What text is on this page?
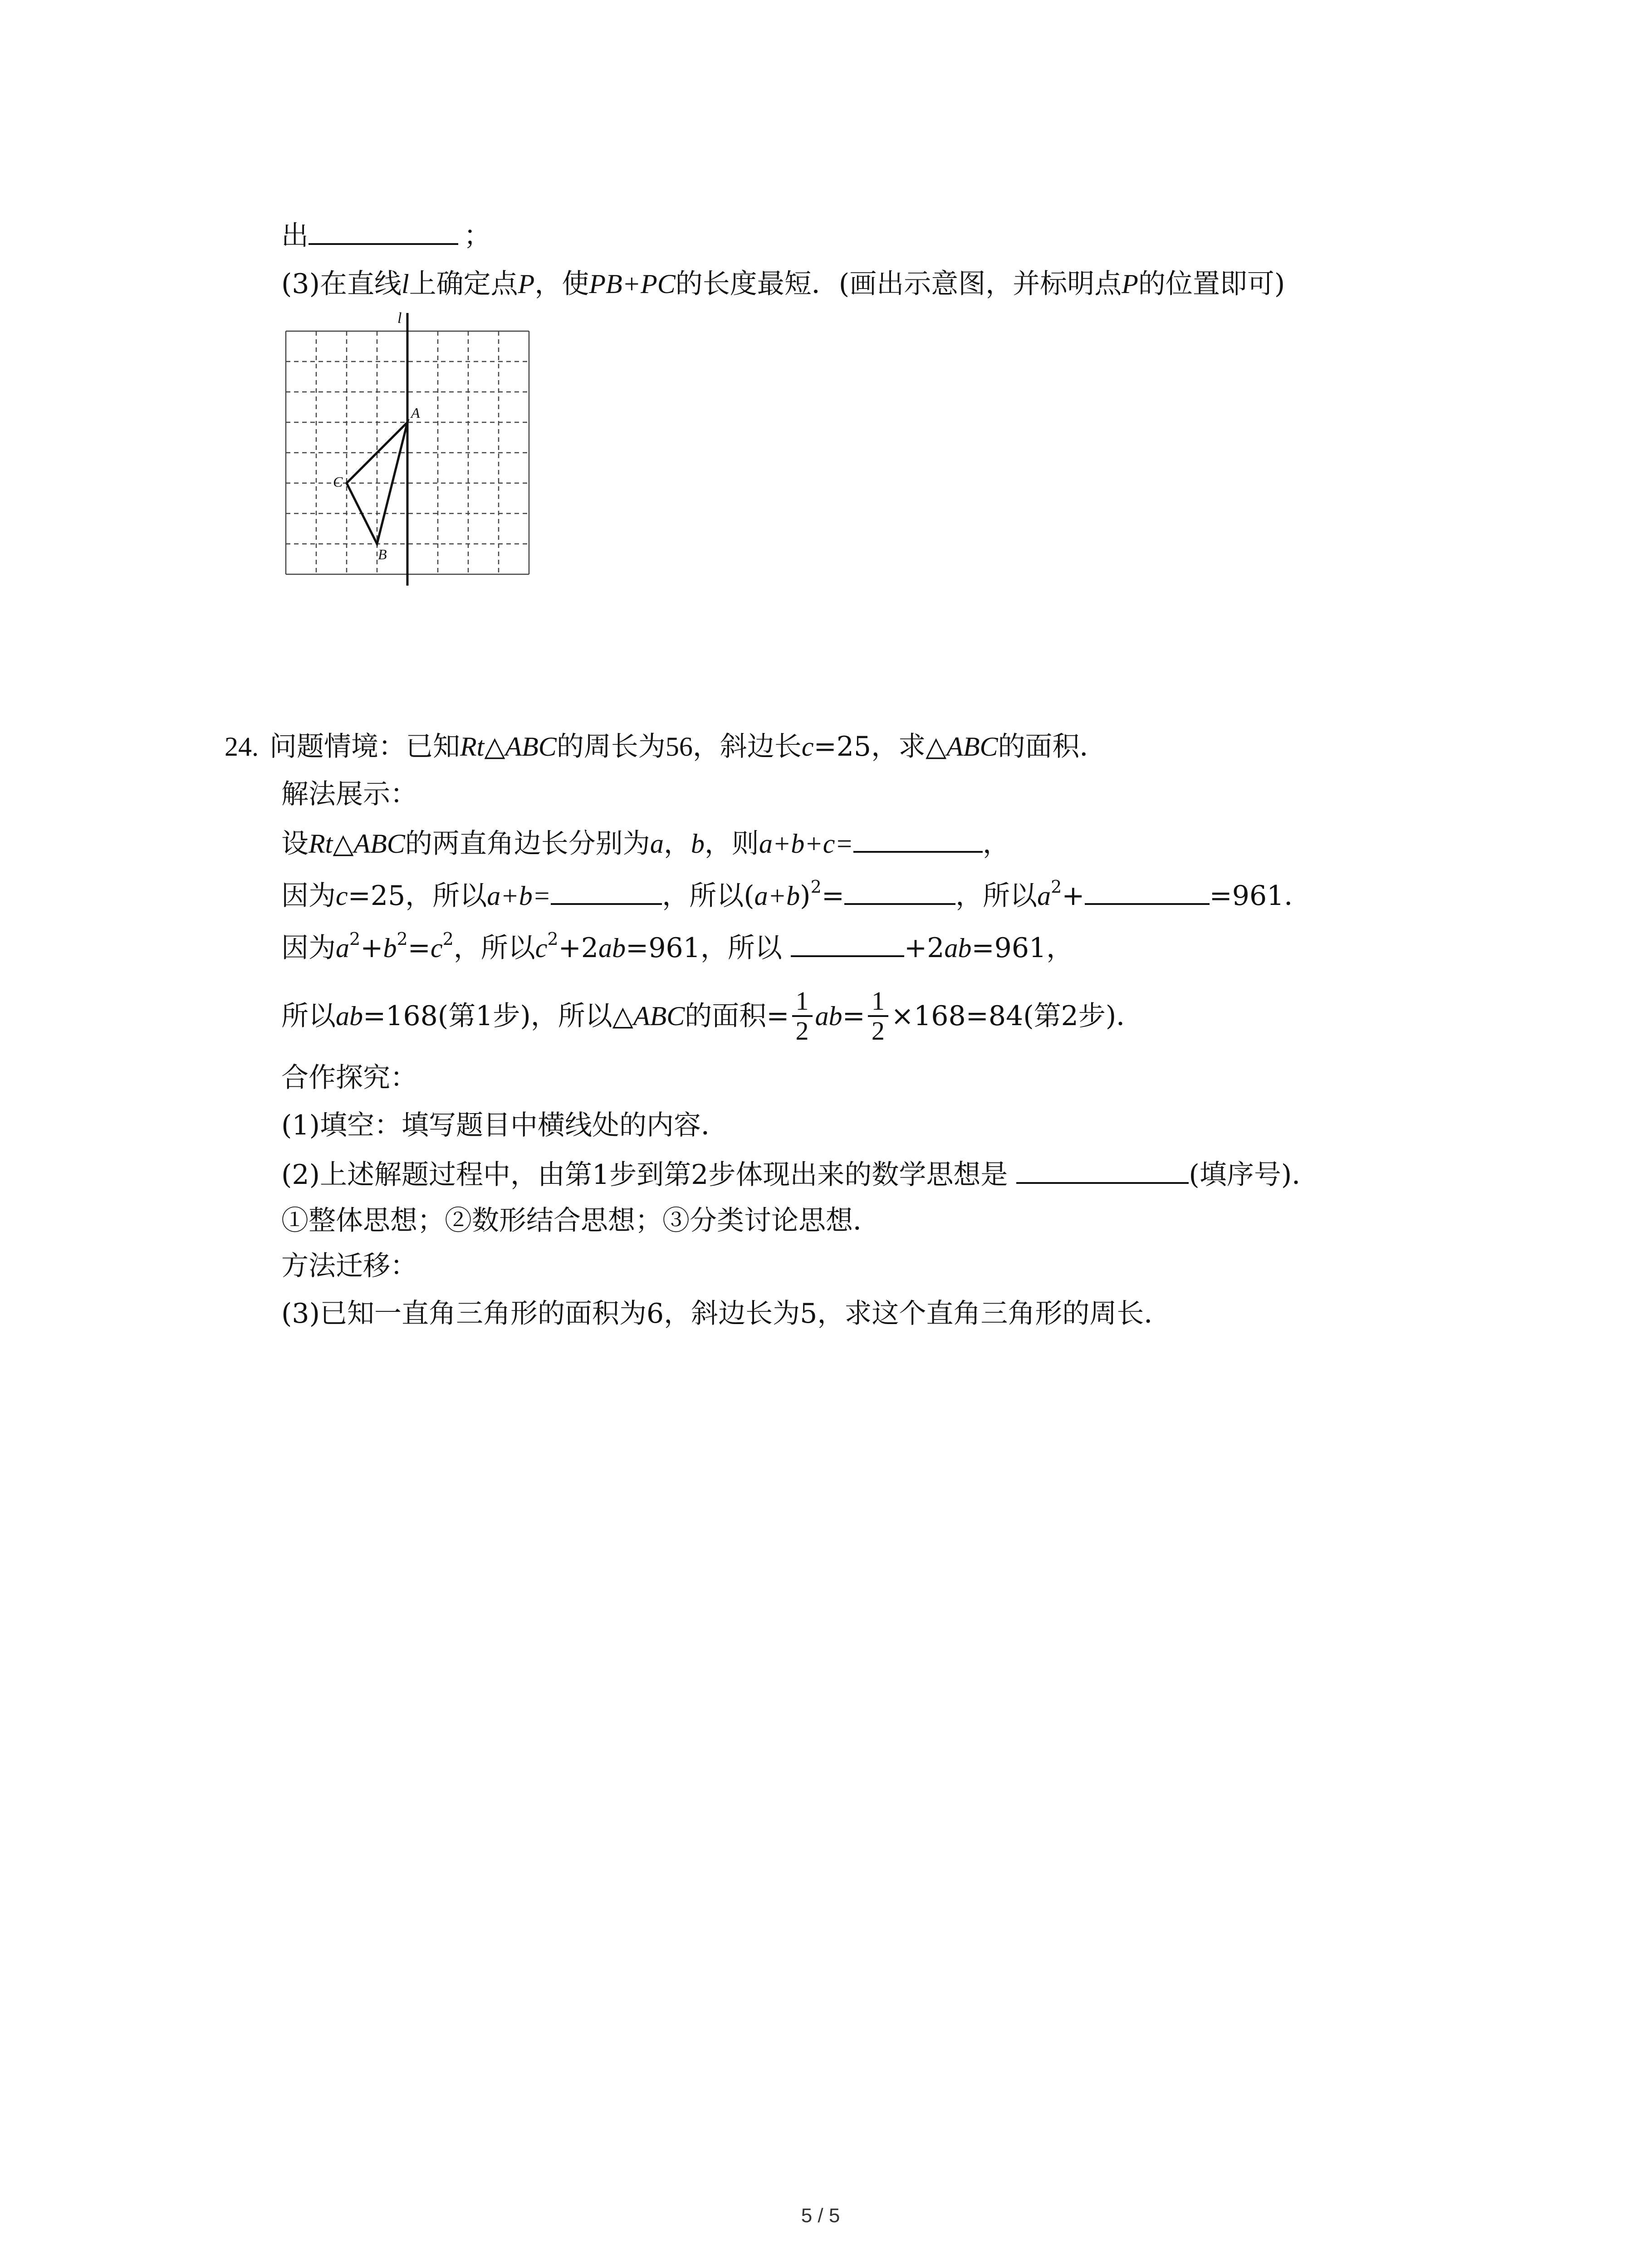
出	；
(3)在直线l上确定点P，使PB+PC的长度最短．(画出示意图，并标明点P的位置即可)
l
A
B
C
24. 问题情境：已知Rt△ABC的周长为56，斜边长c=25，求△ABC的面积．
解法展示：
设Rt△ABC的两直角边长分别为a，b，则a+b+c=	，
因为c=25，所以a+b=	，所以$(a+b)^2=$	，所以$a^2+$	=961．
因为$a^2+b^2=c^2$，所以$c^2+2ab=961$，所以	+2ab=961，
所以ab=168(第1步)，所以△ABC的面积= $\frac{1}{2} ab= \frac{1}{2} \times 168=84$(第2步)．
合作探究：
(1)填空：填写题目中横线处的内容．
(2)上述解题过程中，由第1步到第2步体现出来的数学思想是	(填序号)．
①整体思想；②数形结合思想；③分类讨论思想．
方法迁移：
(3)已知一直角三角形的面积为6，斜边长为5，求这个直角三角形的周长．
5 / 5
